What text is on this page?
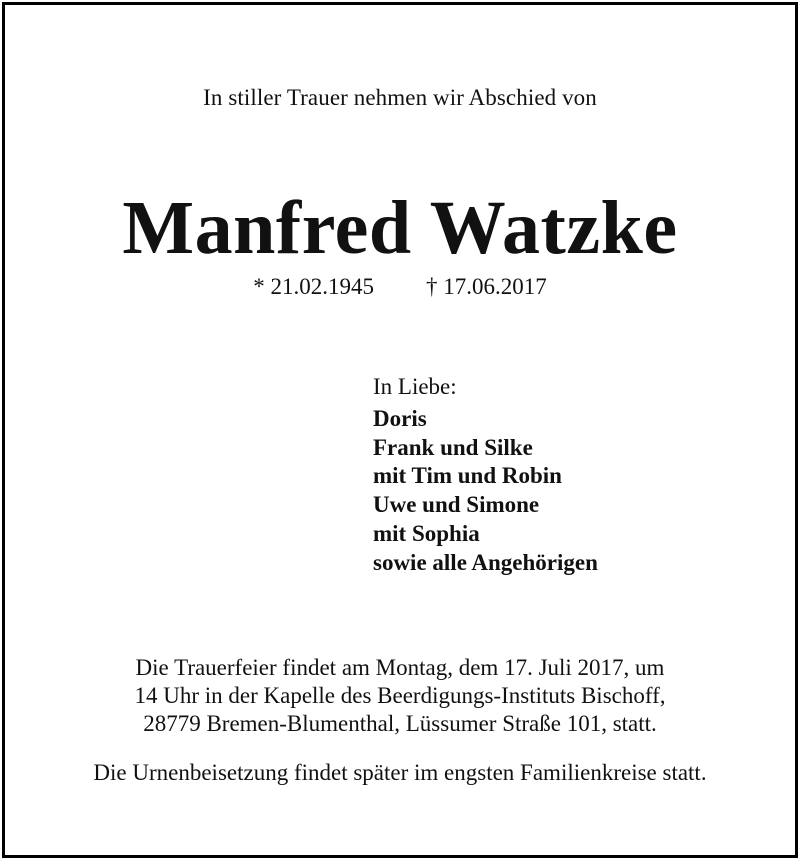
In stiller Trauer nehmen wir Abschied von
Manfred Watzke
* 21.02.1945 † 17.06.2017
In Liebe:
Doris
Frank und Silke
mit Tim und Robin
Uwe und Simone
mit Sophia
sowie alle Angehörigen
Die Trauerfeier findet am Montag, dem 17. Juli 2017, um
14 Uhr in der Kapelle des Beerdigungs-Instituts Bischoff,
28779 Bremen-Blumenthal, Lüssumer Straße 101, statt.
Die Urnenbeisetzung findet später im engsten Familienkreise statt.
